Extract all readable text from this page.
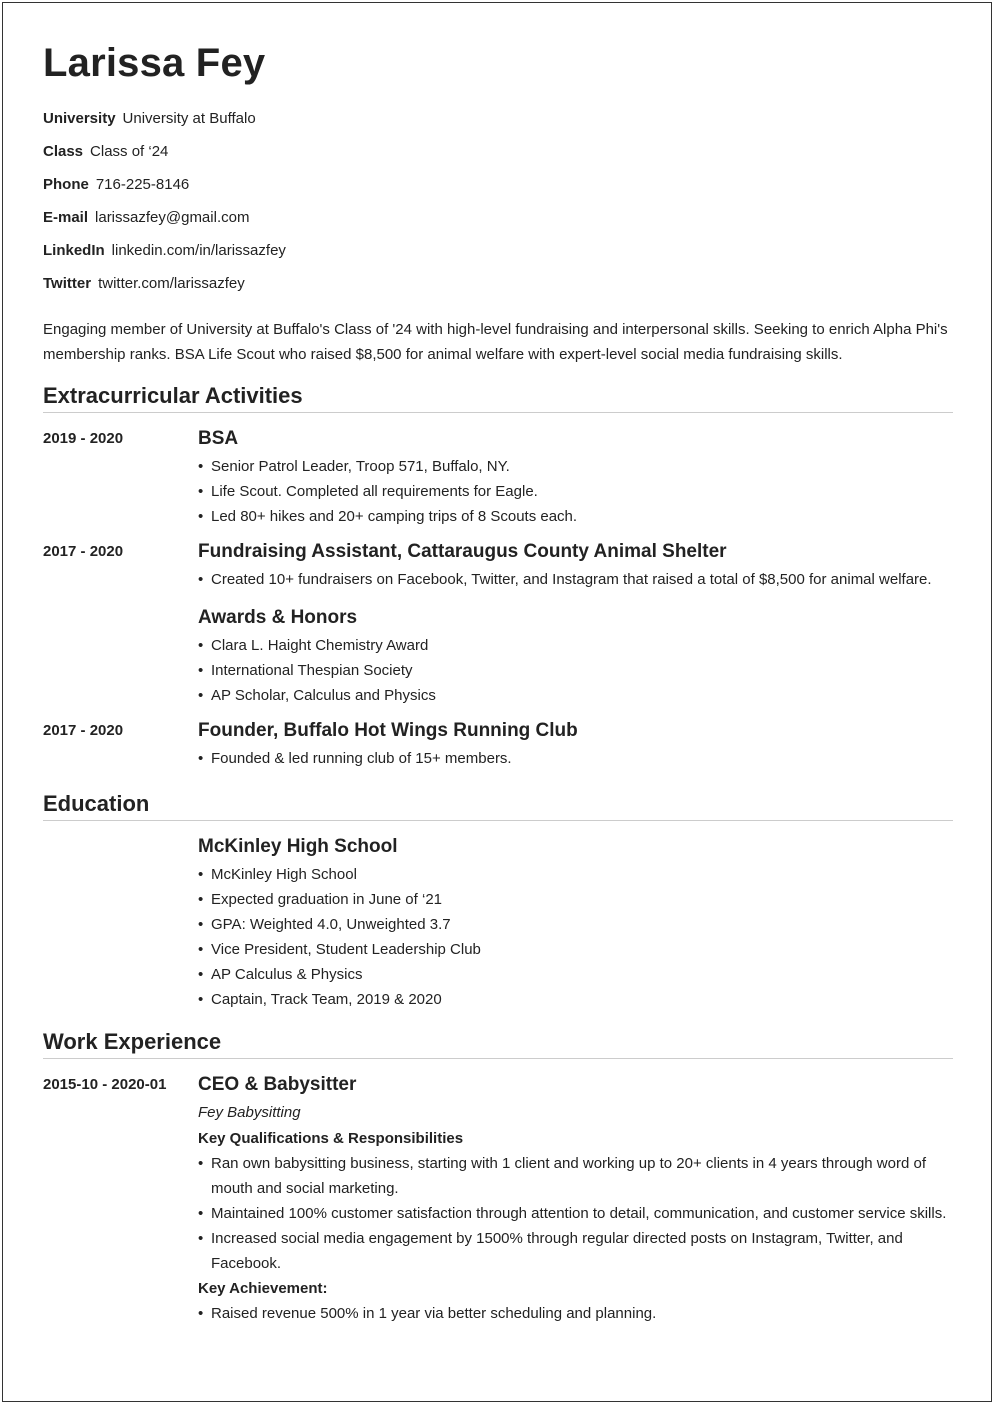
Larissa Fey
University University at Buffalo
Class Class of ‘24
Phone 716-225-8146
E-mail larissazfey@gmail.com
LinkedIn linkedin.com/in/larissazfey
Twitter twitter.com/larissazfey

Engaging member of University at Buffalo's Class of '24 with high-level fundraising and interpersonal skills. Seeking to enrich Alpha Phi's membership ranks. BSA Life Scout who raised $8,500 for animal welfare with expert-level social media fundraising skills.

Extracurricular Activities
2019 - 2020	BSA
• Senior Patrol Leader, Troop 571, Buffalo, NY.
• Life Scout. Completed all requirements for Eagle.
• Led 80+ hikes and 20+ camping trips of 8 Scouts each.
2017 - 2020	Fundraising Assistant, Cattaraugus County Animal Shelter
• Created 10+ fundraisers on Facebook, Twitter, and Instagram that raised a total of $8,500 for animal welfare.
Awards & Honors
• Clara L. Haight Chemistry Award
• International Thespian Society
• AP Scholar, Calculus and Physics
2017 - 2020	Founder, Buffalo Hot Wings Running Club
• Founded & led running club of 15+ members.
Education
McKinley High School
• McKinley High School
• Expected graduation in June of ‘21
• GPA: Weighted 4.0, Unweighted 3.7
• Vice President, Student Leadership Club
• AP Calculus & Physics
• Captain, Track Team, 2019 & 2020
Work Experience
2015-10 - 2020-01 CEO & Babysitter
Fey Babysitting
Key Qualifications & Responsibilities
• Ran own babysitting business, starting with 1 client and working up to 20+ clients in 4 years through word of mouth and social marketing.
• Maintained 100% customer satisfaction through attention to detail, communication, and customer service skills.
• Increased social media engagement by 1500% through regular directed posts on Instagram, Twitter, and Facebook.
Key Achievement:
• Raised revenue 500% in 1 year via better scheduling and planning.
